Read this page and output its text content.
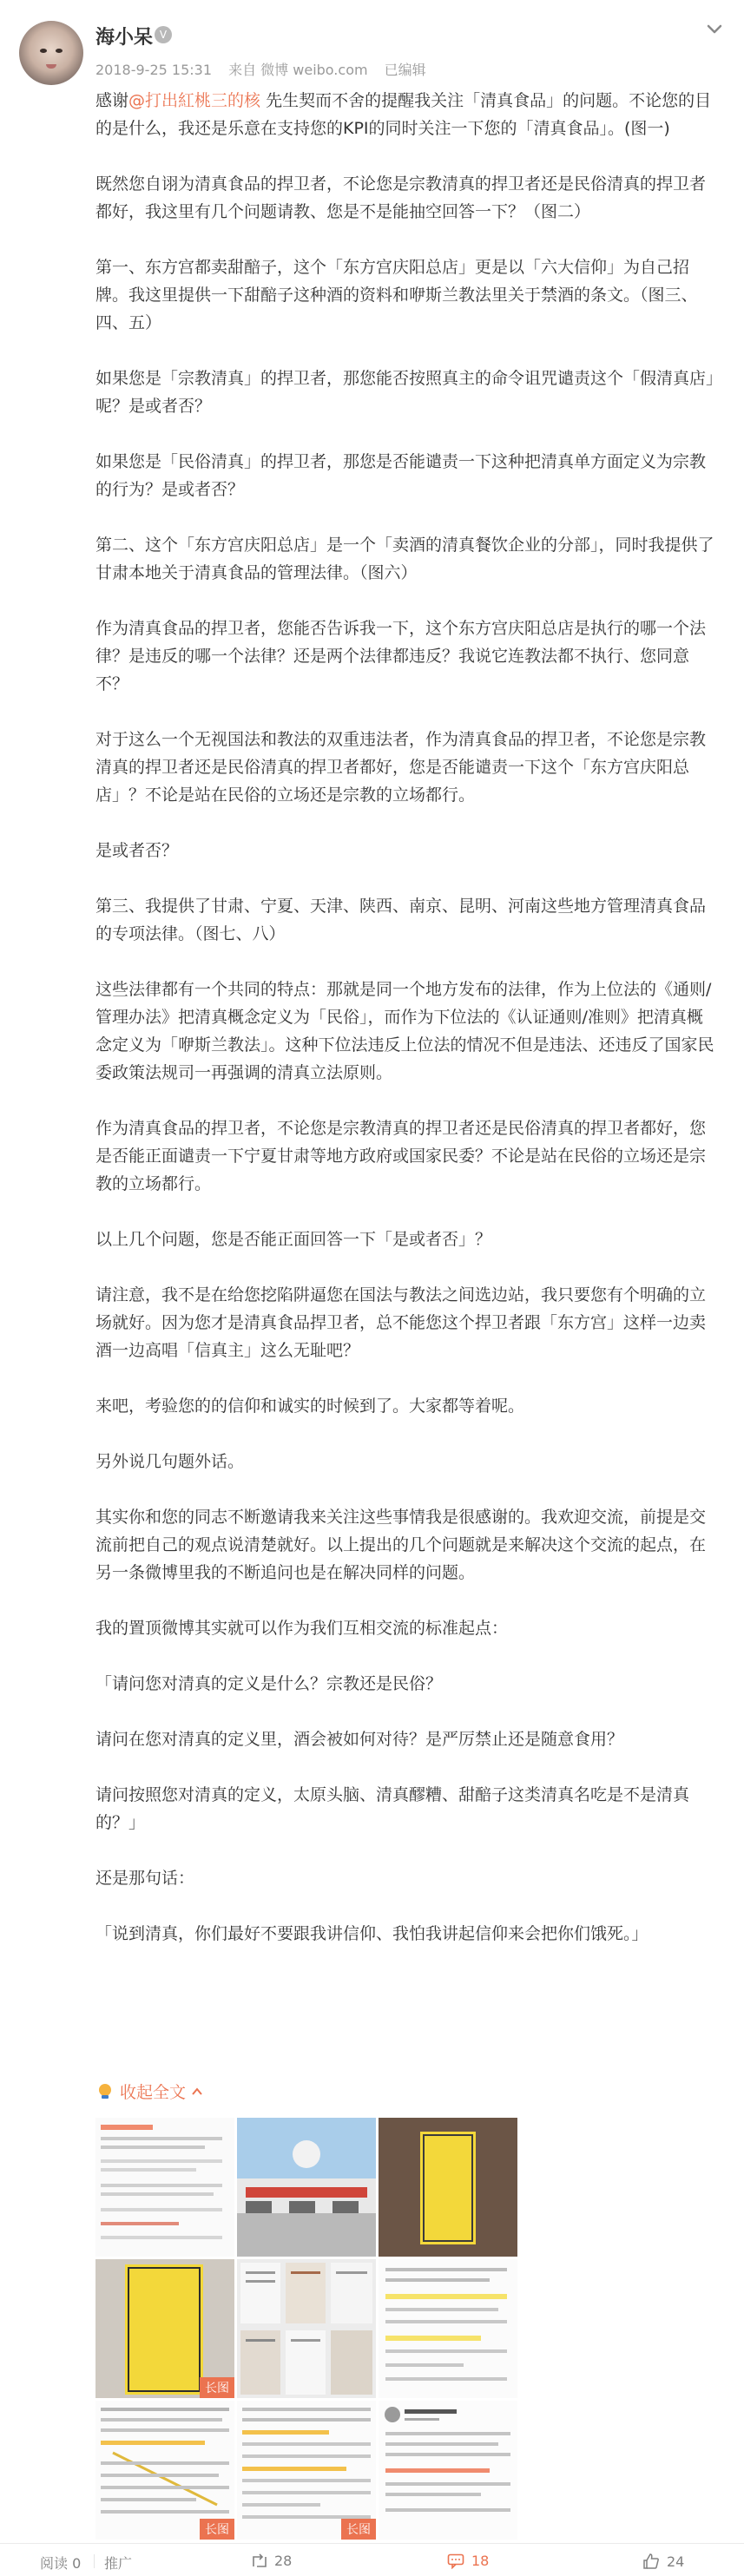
海小呆 V
2018-9-25 15:31 来自 微博 weibo.com 已编辑

感谢@打出紅桃三的核 先生契而不舍的提醒我关注「清真食品」的问题。不论您的目的是什么，我还是乐意在支持您的KPI的同时关注一下您的「清真食品」。(图一)

既然您自诩为清真食品的捍卫者，不论您是宗教清真的捍卫者还是民俗清真的捍卫者都好，我这里有几个问题请教、您是不是能抽空回答一下？（图二）

第一、东方宫都卖甜醅子，这个「东方宫庆阳总店」更是以「六大信仰」为自己招牌。我这里提供一下甜醅子这种酒的资料和咿斯兰教法里关于禁酒的条文。（图三、四、五）

如果您是「宗教清真」的捍卫者，那您能否按照真主的命令诅咒谴责这个「假清真店」呢？是或者否？

如果您是「民俗清真」的捍卫者，那您是否能谴责一下这种把清真单方面定义为宗教的行为？是或者否？

第二、这个「东方宫庆阳总店」是一个「卖酒的清真餐饮企业的分部」，同时我提供了甘肃本地关于清真食品的管理法律。（图六）

作为清真食品的捍卫者，您能否告诉我一下，这个东方宫庆阳总店是执行的哪一个法律？是违反的哪一个法律？还是两个法律都违反？我说它连教法都不执行、您同意不？

对于这么一个无视国法和教法的双重违法者，作为清真食品的捍卫者，不论您是宗教清真的捍卫者还是民俗清真的捍卫者都好，您是否能谴责一下这个「东方宫庆阳总店」？不论是站在民俗的立场还是宗教的立场都行。

是或者否？

第三、我提供了甘肃、宁夏、天津、陕西、南京、昆明、河南这些地方管理清真食品的专项法律。（图七、八）

这些法律都有一个共同的特点：那就是同一个地方发布的法律，作为上位法的《通则/管理办法》把清真概念定义为「民俗」，而作为下位法的《认证通则/准则》把清真概念定义为「咿斯兰教法」。这种下位法违反上位法的情况不但是违法、还违反了国家民委政策法规司一再强调的清真立法原则。

作为清真食品的捍卫者，不论您是宗教清真的捍卫者还是民俗清真的捍卫者都好，您是否能正面谴责一下宁夏甘肃等地方政府或国家民委？不论是站在民俗的立场还是宗教的立场都行。

以上几个问题，您是否能正面回答一下「是或者否」？

请注意，我不是在给您挖陷阱逼您在国法与教法之间选边站，我只要您有个明确的立场就好。因为您才是清真食品捍卫者，总不能您这个捍卫者跟「东方宫」这样一边卖酒一边高唱「信真主」这么无耻吧？

来吧，考验您的的信仰和诚实的时候到了。大家都等着呢。

另外说几句题外话。

其实你和您的同志不断邀请我来关注这些事情我是很感谢的。我欢迎交流，前提是交流前把自己的观点说清楚就好。以上提出的几个问题就是来解决这个交流的起点，在另一条微博里我的不断追问也是在解决同样的问题。

我的置顶微博其实就可以作为我们互相交流的标准起点：

「请问您对清真的定义是什么？宗教还是民俗？

请问在您对清真的定义里，酒会被如何对待？是严厉禁止还是随意食用？

请问按照您对清真的定义，太原头脑、清真醪糟、甜醅子这类清真名吃是不是清真的？」

还是那句话：

「说到清真，你们最好不要跟我讲信仰、我怕我讲起信仰来会把你们饿死。」

收起全文
长图
长图	长图
阅读 0 推广	28	18	24
